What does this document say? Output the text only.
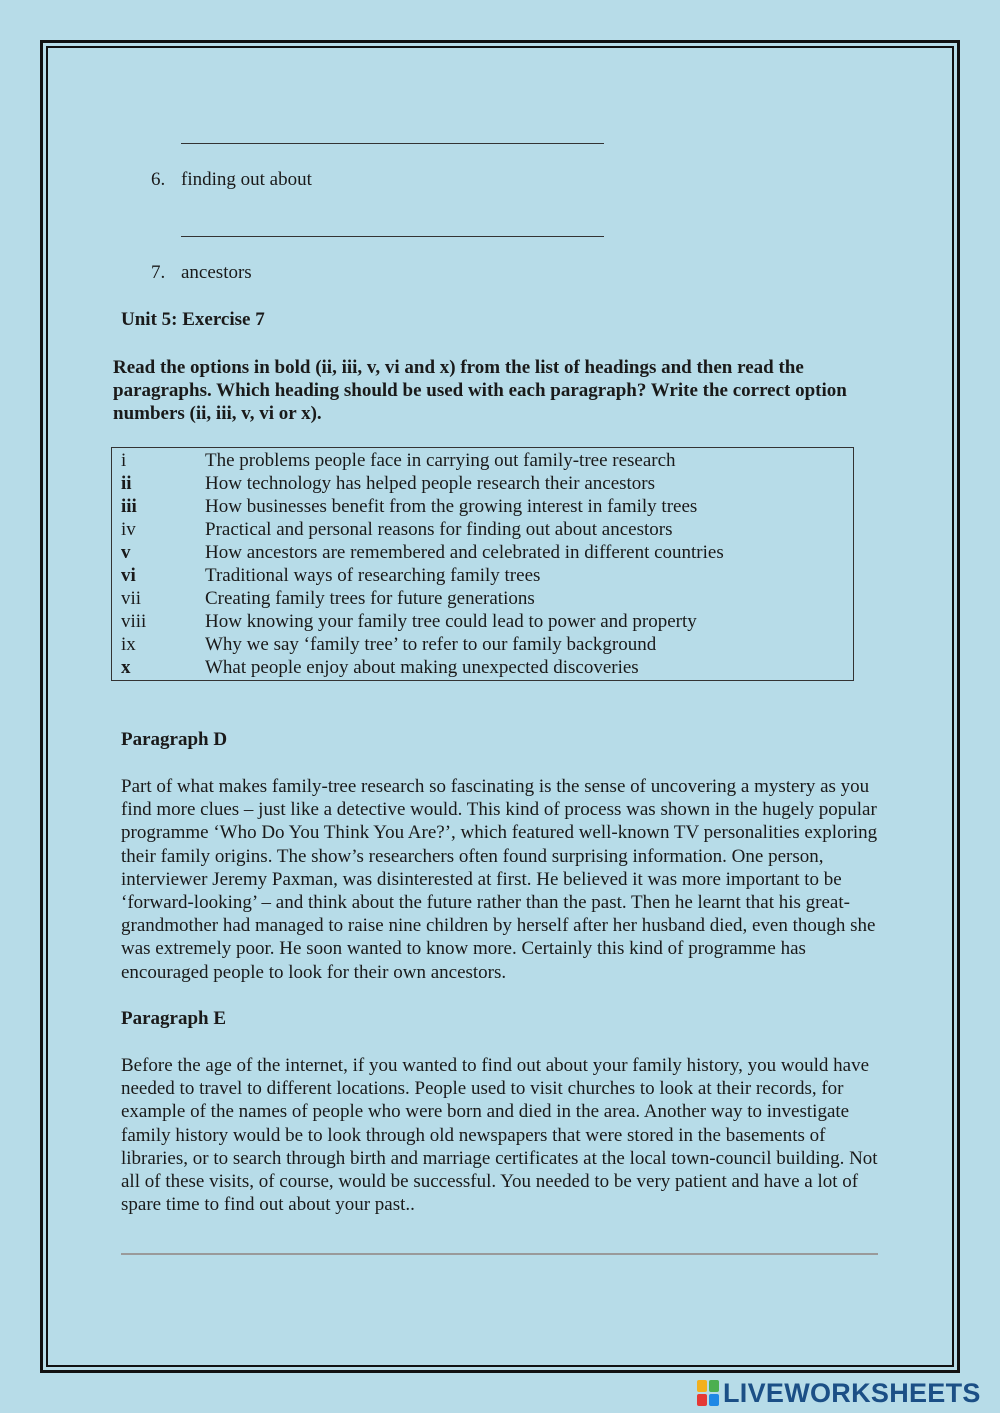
6. finding out about
7. ancestors
Unit 5: Exercise 7
Read the options in bold (ii, iii, v, vi and x) from the list of headings and then read the paragraphs. Which heading should be used with each paragraph? Write the correct option numbers (ii, iii, v, vi or x).
i	The problems people face in carrying out family-tree research
ii	How technology has helped people research their ancestors
iii	How businesses benefit from the growing interest in family trees
iv	Practical and personal reasons for finding out about ancestors
v	How ancestors are remembered and celebrated in different countries
vi	Traditional ways of researching family trees
vii	Creating family trees for future generations
viii	How knowing your family tree could lead to power and property
ix	Why we say ‘family tree’ to refer to our family background
x	What people enjoy about making unexpected discoveries
Paragraph D
Part of what makes family-tree research so fascinating is the sense of uncovering a mystery as you find more clues – just like a detective would. This kind of process was shown in the hugely popular programme ‘Who Do You Think You Are?’, which featured well-known TV personalities exploring their family origins. The show’s researchers often found surprising information. One person, interviewer Jeremy Paxman, was disinterested at first. He believed it was more important to be ‘forward-looking’ – and think about the future rather than the past. Then he learnt that his great-grandmother had managed to raise nine children by herself after her husband died, even though she was extremely poor. He soon wanted to know more. Certainly this kind of programme has encouraged people to look for their own ancestors.
Paragraph E
Before the age of the internet, if you wanted to find out about your family history, you would have needed to travel to different locations. People used to visit churches to look at their records, for example of the names of people who were born and died in the area. Another way to investigate family history would be to look through old newspapers that were stored in the basements of libraries, or to search through birth and marriage certificates at the local town-council building. Not all of these visits, of course, would be successful. You needed to be very patient and have a lot of spare time to find out about your past..
LIVEWORKSHEETS
